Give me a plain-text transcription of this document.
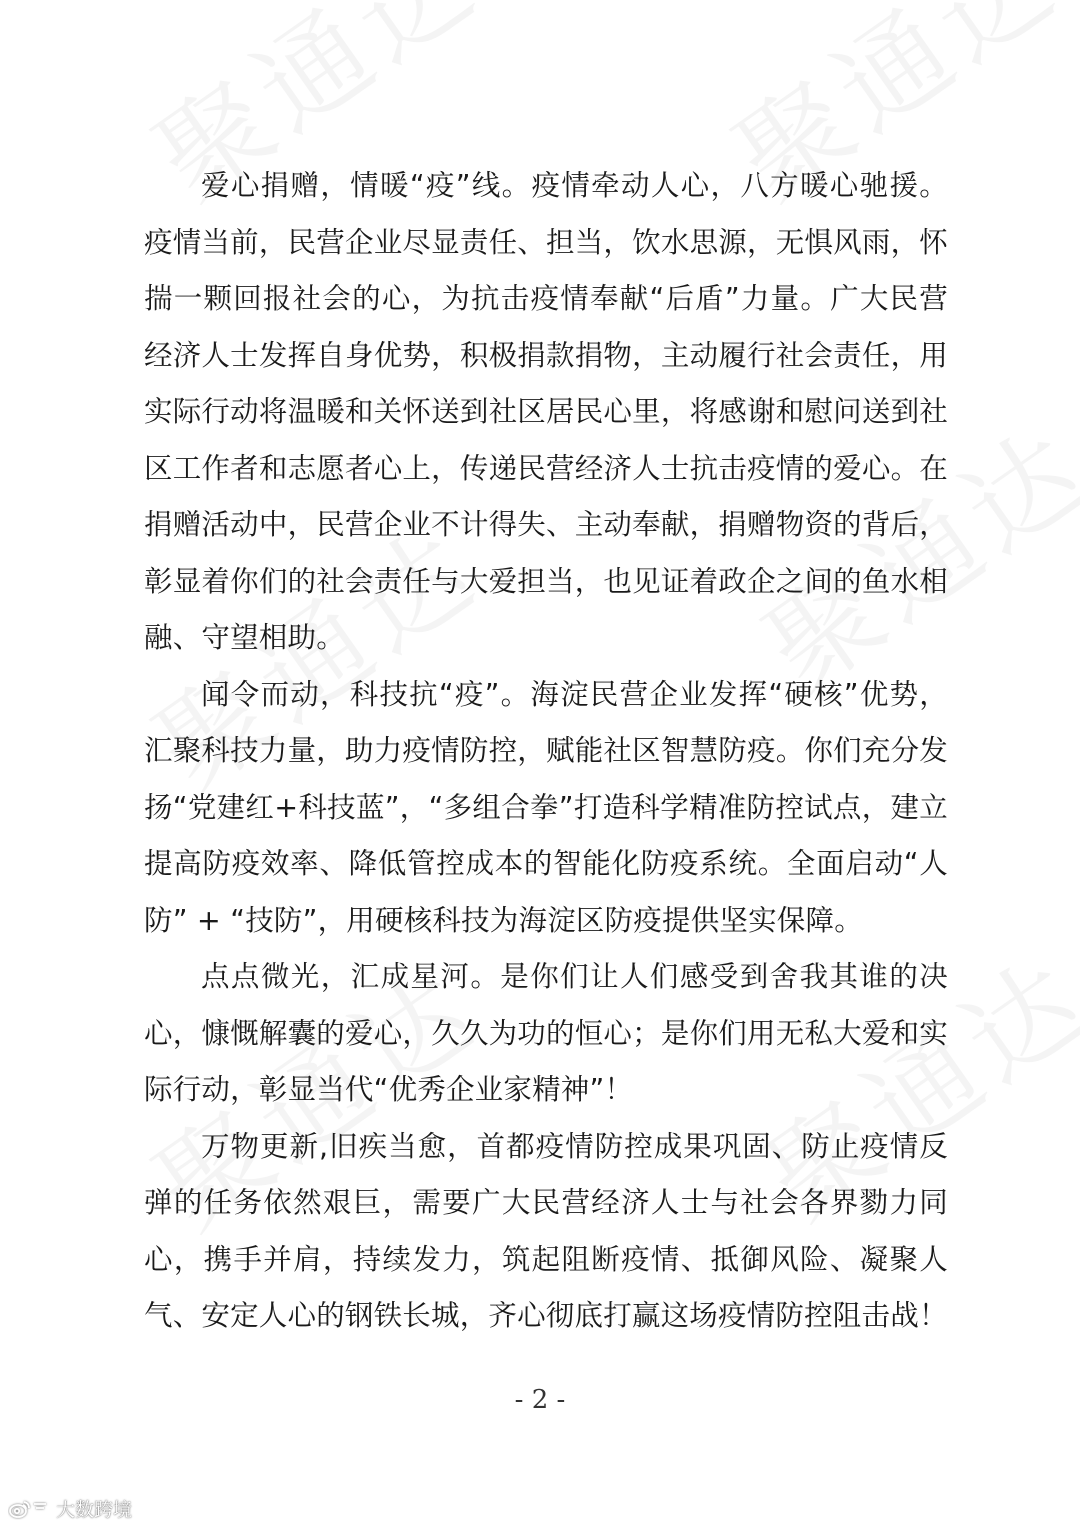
爱心捐赠，情暖“疫”线。疫情牵动人心，八方暖心驰援。疫情当前，民营企业尽显责任、担当，饮水思源，无惧风雨，怀揣一颗回报社会的心，为抗击疫情奉献“后盾”力量。广大民营经济人士发挥自身优势，积极捐款捐物，主动履行社会责任，用实际行动将温暖和关怀送到社区居民心里，将感谢和慰问送到社区工作者和志愿者心上，传递民营经济人士抗击疫情的爱心。在捐赠活动中，民营企业不计得失、主动奉献，捐赠物资的背后，彰显着你们的社会责任与大爱担当，也见证着政企之间的鱼水相融、守望相助。

闻令而动，科技抗“疫”。海淀民营企业发挥“硬核”优势，汇聚科技力量，助力疫情防控，赋能社区智慧防疫。你们充分发扬“党建红+科技蓝”，“多组合拳”打造科学精准防控试点，建立提高防疫效率、降低管控成本的智能化防疫系统。全面启动“人防” + “技防”，用硬核科技为海淀区防疫提供坚实保障。

点点微光，汇成星河。是你们让人们感受到舍我其谁的决心，慷慨解囊的爱心，久久为功的恒心；是你们用无私大爱和实际行动，彰显当代“优秀企业家精神”！

万物更新,旧疾当愈，首都疫情防控成果巩固、防止疫情反弹的任务依然艰巨，需要广大民营经济人士与社会各界勠力同心，携手并肩，持续发力，筑起阻断疫情、抵御风险、凝聚人气、安定人心的钢铁长城，齐心彻底打赢这场疫情防控阻击战！

- 2 -
大数跨境
